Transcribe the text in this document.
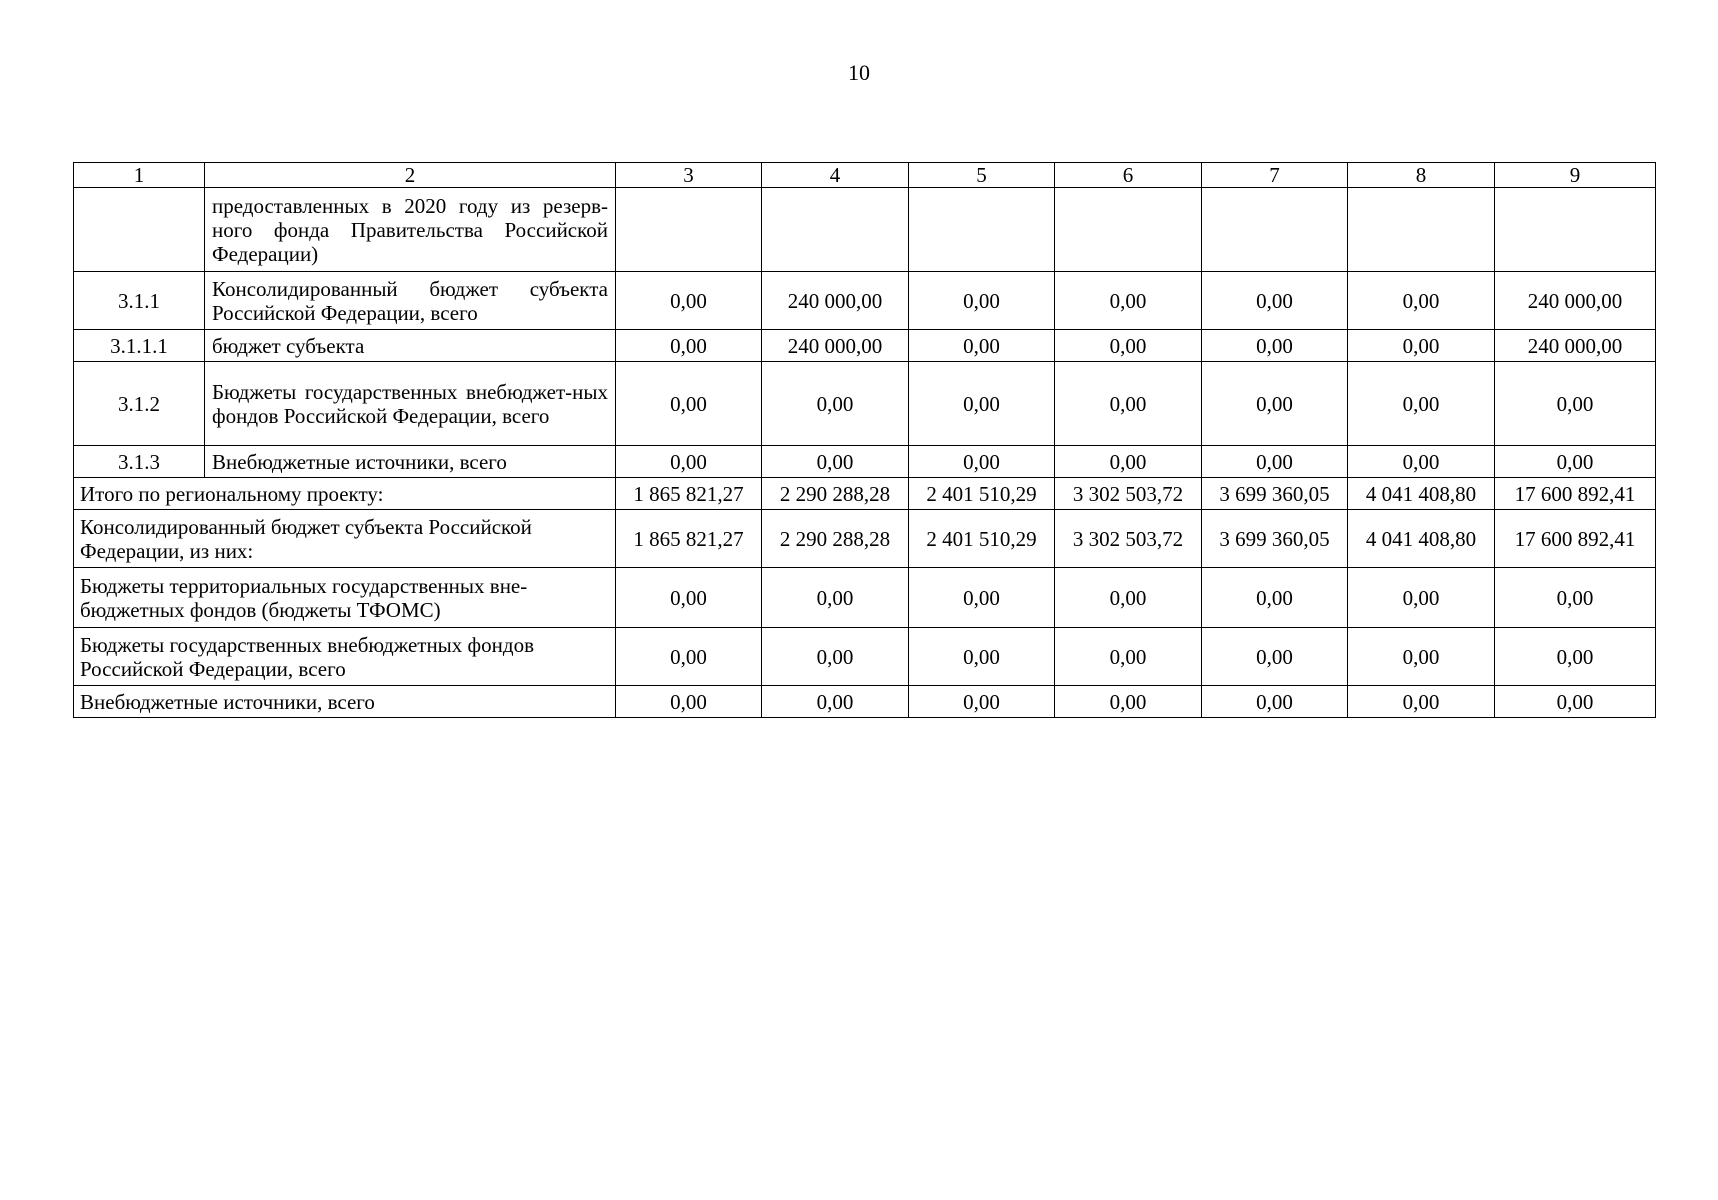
10
1	2	3	4	5	6	7	8	9
	предоставленных в 2020 году из резерв-ного фонда Правительства Российской Федерации)							
3.1.1	Консолидированный бюджет субъекта Российской Федерации, всего	0,00	240 000,00	0,00	0,00	0,00	0,00	240 000,00
3.1.1.1	бюджет субъекта	0,00	240 000,00	0,00	0,00	0,00	0,00	240 000,00
3.1.2	Бюджеты государственных внебюджет-ных фондов Российской Федерации, всего	0,00	0,00	0,00	0,00	0,00	0,00	0,00
3.1.3	Внебюджетные источники, всего	0,00	0,00	0,00	0,00	0,00	0,00	0,00
Итого по региональному проекту:		1 865 821,27	2 290 288,28	2 401 510,29	3 302 503,72	3 699 360,05	4 041 408,80	17 600 892,41
Консолидированный бюджет субъекта Российской Федерации, из них:		1 865 821,27	2 290 288,28	2 401 510,29	3 302 503,72	3 699 360,05	4 041 408,80	17 600 892,41
Бюджеты территориальных государственных вне-бюджетных фондов (бюджеты ТФОМС)		0,00	0,00	0,00	0,00	0,00	0,00	0,00
Бюджеты государственных внебюджетных фондов Российской Федерации, всего		0,00	0,00	0,00	0,00	0,00	0,00	0,00
Внебюджетные источники, всего		0,00	0,00	0,00	0,00	0,00	0,00	0,00
